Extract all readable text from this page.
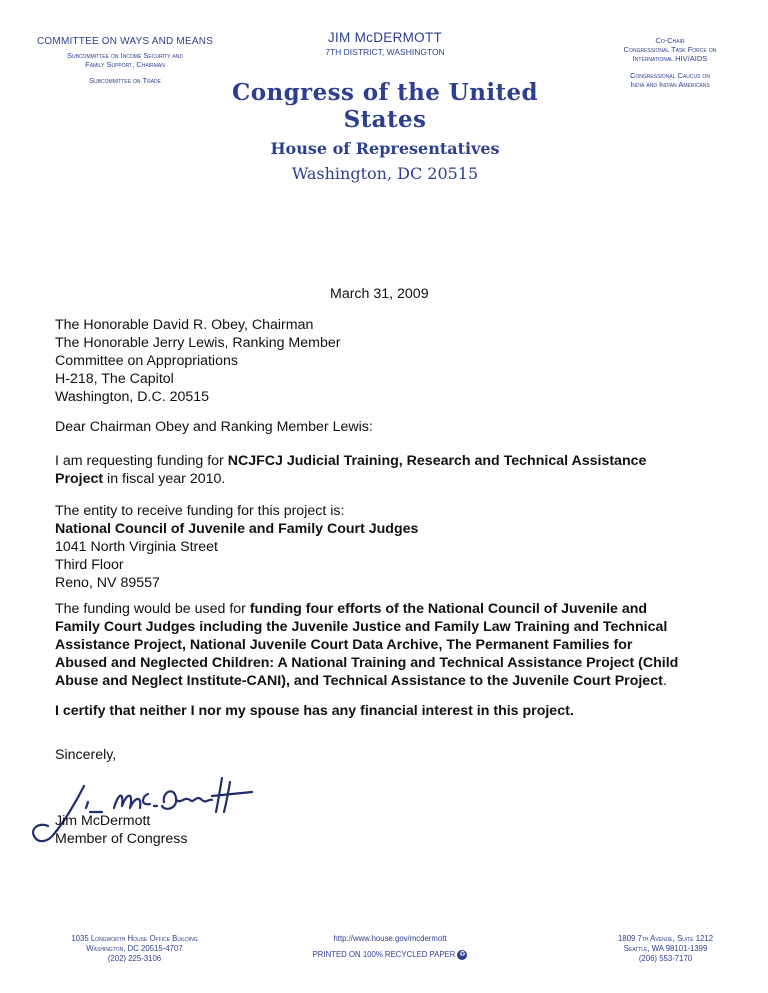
COMMITTEE ON WAYS AND MEANS
Subcommittee on Income Security and
Family Support, Chairman
Subcommittee on Trade
JIM McDERMOTT
7TH DISTRICT, WASHINGTON
Congress of the United States
House of Representatives
Washington, DC 20515
Co-Chair
Congressional Task Force on
International HIV/AIDS
Congressional Caucus on
India and Indian Americans
March 31, 2009
The Honorable David R. Obey, Chairman
The Honorable Jerry Lewis, Ranking Member
Committee on Appropriations
H-218, The Capitol
Washington, D.C. 20515
Dear Chairman Obey and Ranking Member Lewis:
I am requesting funding for NCJFCJ Judicial Training, Research and Technical Assistance Project in fiscal year 2010.
The entity to receive funding for this project is:
National Council of Juvenile and Family Court Judges
1041 North Virginia Street
Third Floor
Reno, NV 89557
The funding would be used for funding four efforts of the National Council of Juvenile and Family Court Judges including the Juvenile Justice and Family Law Training and Technical Assistance Project, National Juvenile Court Data Archive, The Permanent Families for Abused and Neglected Children: A National Training and Technical Assistance Project (Child Abuse and Neglect Institute-CANI), and Technical Assistance to the Juvenile Court Project.
I certify that neither I nor my spouse has any financial interest in this project.
Sincerely,
Jim McDermott
Member of Congress
1035 Longworth House Office Building
Washington, DC 20515-4707
(202) 225-3106
http://www.house.gov/mcdermott
PRINTED ON 100% RECYCLED PAPER ♻
1809 7th Avenue, Suite 1212
Seattle, WA 98101-1399
(206) 553-7170
